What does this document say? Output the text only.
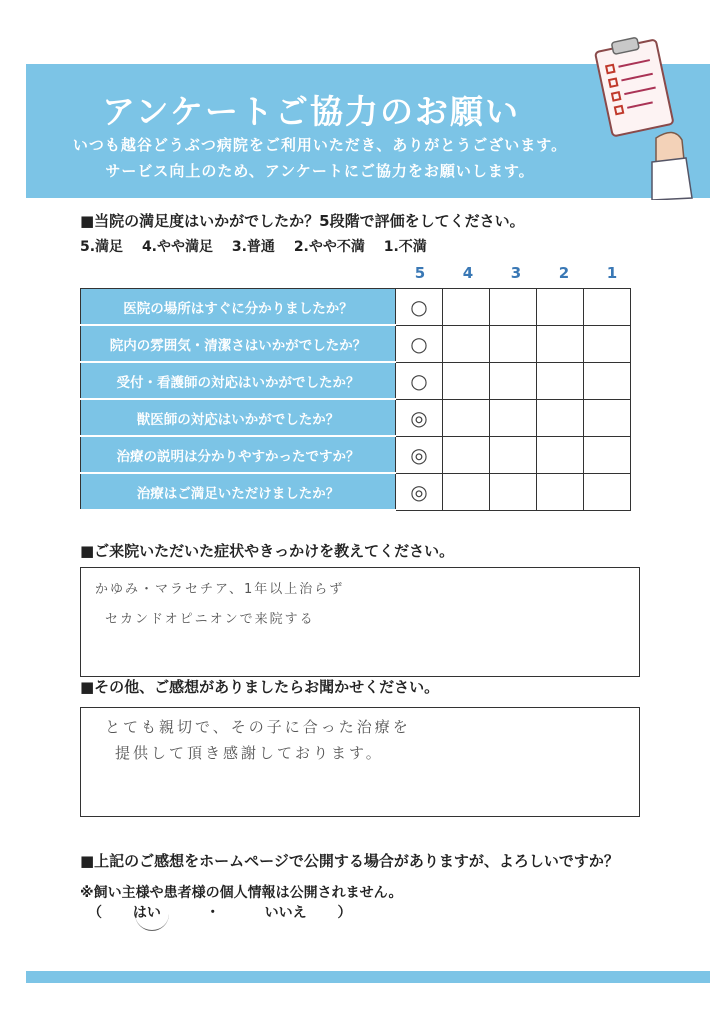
アンケートご協力のお願い
いつも越谷どうぶつ病院をご利用いただき、ありがとうございます。
サービス向上のため、アンケートにご協力をお願いします。
■当院の満足度はいかがでしたか？5段階で評価をしてください。
5.満足 4.やや満足 3.普通 2.やや不満 1.不満
5	4	3	2	1
医院の場所はすぐに分かりましたか？	○				
院内の雰囲気・清潔さはいかがでしたか？	○				
受付・看護師の対応はいかがでしたか？	○				
獣医師の対応はいかがでしたか？	◎				
治療の説明は分かりやすかったですか？	◎				
治療はご満足いただけましたか？	◎				
■ご来院いただいた症状やきっかけを教えてください。
かゆみ・マラセチア、1年以上治らず
セカンドオピニオンで来院する
■その他、ご感想がありましたらお聞かせください。
とても親切で、その子に合った治療を
提供して頂き感謝しております。
■上記のご感想をホームページで公開する場合がありますが、よろしいですか？
※飼い主様や患者様の個人情報は公開されません。
（ はい	・	いいえ ）
